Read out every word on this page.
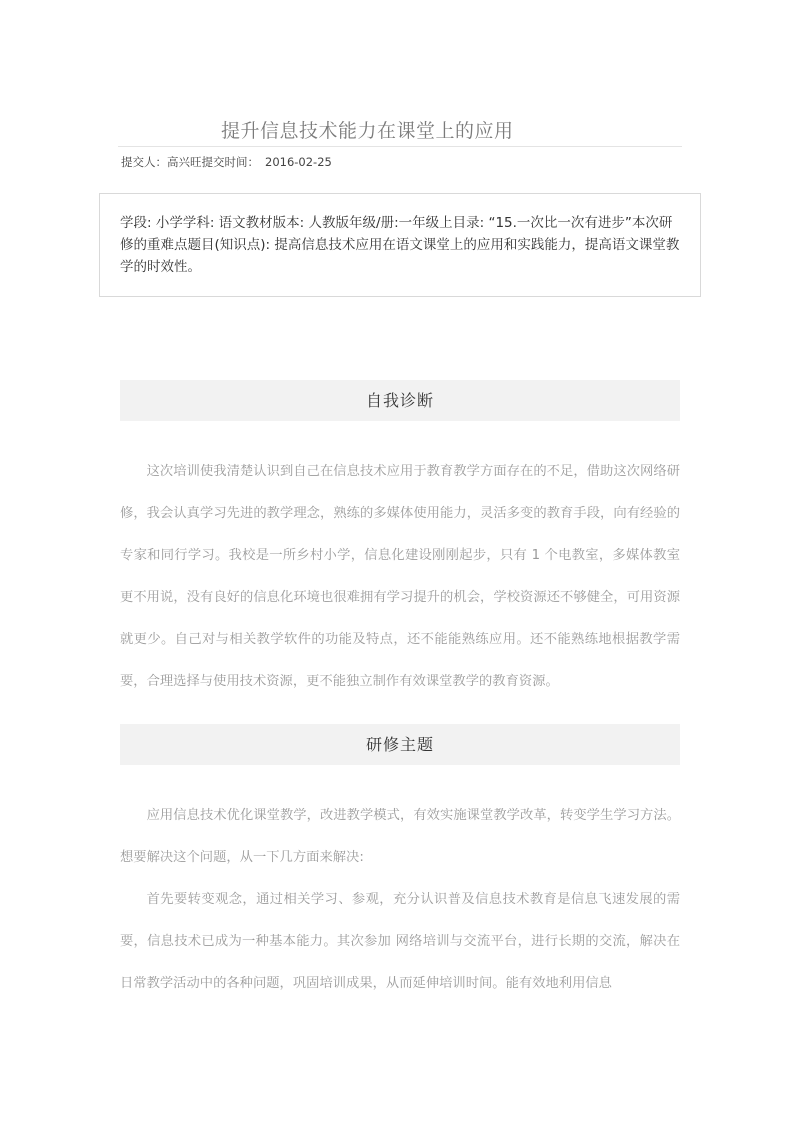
提升信息技术能力在课堂上的应用
提交人：高兴旺提交时间： 2016-02-25
学段: 小学学科: 语文教材版本: 人教版年级/册:一年级上目录: “15.一次比一次有进步”本次研修的重难点题目(知识点): 提高信息技术应用在语文课堂上的应用和实践能力，提高语文课堂教学的时效性。
自我诊断

这次培训使我清楚认识到自己在信息技术应用于教育教学方面存在的不足，借助这次网络研修，我会认真学习先进的教学理念，熟练的多媒体使用能力，灵活多变的教育手段，向有经验的专家和同行学习。我校是一所乡村小学，信息化建设刚刚起步，只有 1 个电教室，多媒体教室更不用说，没有良好的信息化环境也很难拥有学习提升的机会，学校资源还不够健全，可用资源就更少。自己对与相关教学软件的功能及特点，还不能能熟练应用。还不能熟练地根据教学需要，合理选择与使用技术资源，更不能独立制作有效课堂教学的教育资源。

研修主题

应用信息技术优化课堂教学，改进教学模式，有效实施课堂教学改革，转变学生学习方法。想要解决这个问题，从一下几方面来解决:

首先要转变观念，通过相关学习、参观，充分认识普及信息技术教育是信息飞速发展的需要，信息技术已成为一种基本能力。其次参加 网络培训与交流平台，进行长期的交流，解决在日常教学活动中的各种问题，巩固培训成果，从而延伸培训时间。能有效地利用信息
